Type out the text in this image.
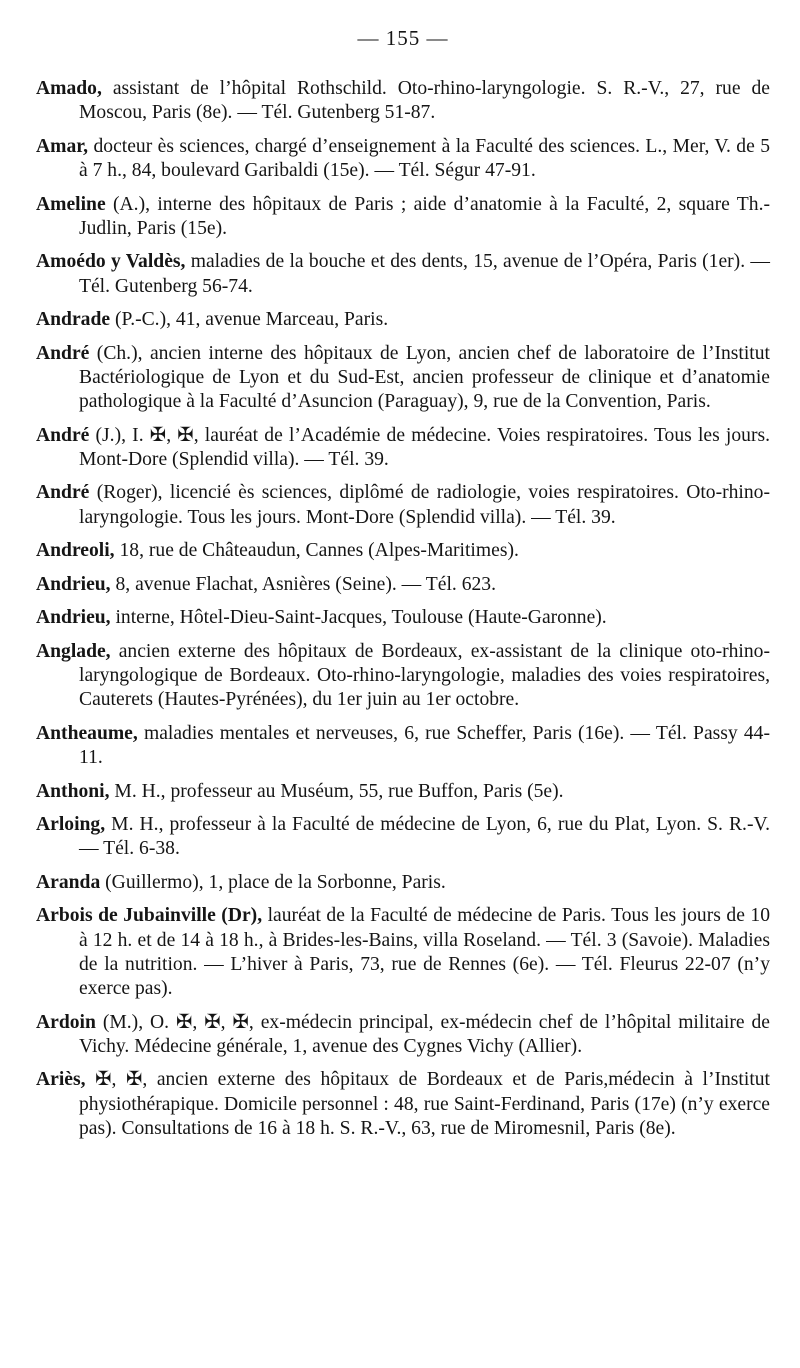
— 155 —

Amado, assistant de l’hôpital Rothschild. Oto-rhino-laryngologie. S. R.-V., 27, rue de Moscou, Paris (8e). — Tél. Gutenberg 51-87.

Amar, docteur ès sciences, chargé d’enseignement à la Faculté des sciences. L., Mer, V. de 5 à 7 h., 84, boulevard Garibaldi (15e). — Tél. Ségur 47-91.

Ameline (A.), interne des hôpitaux de Paris ; aide d’anatomie à la Faculté, 2, square Th.-Judlin, Paris (15e).

Amoédo y Valdès, maladies de la bouche et des dents, 15, avenue de l’Opéra, Paris (1er). — Tél. Gutenberg 56-74.

Andrade (P.-C.), 41, avenue Marceau, Paris.

André (Ch.), ancien interne des hôpitaux de Lyon, ancien chef de laboratoire de l’Institut Bactériologique de Lyon et du Sud-Est, ancien professeur de clinique et d’anatomie pathologique à la Faculté d’Asuncion (Paraguay), 9, rue de la Convention, Paris.

André (J.), I. ✠, ✠, lauréat de l’Académie de médecine. Voies respiratoires. Tous les jours. Mont-Dore (Splendid villa). — Tél. 39.

André (Roger), licencié ès sciences, diplômé de radiologie, voies respiratoires. Oto-rhino-laryngologie. Tous les jours. Mont-Dore (Splendid villa). — Tél. 39.

Andreoli, 18, rue de Châteaudun, Cannes (Alpes-Maritimes).

Andrieu, 8, avenue Flachat, Asnières (Seine). — Tél. 623.

Andrieu, interne, Hôtel-Dieu-Saint-Jacques, Toulouse (Haute-Garonne).

Anglade, ancien externe des hôpitaux de Bordeaux, ex-assistant de la clinique oto-rhino-laryngologique de Bordeaux. Oto-rhino-laryngologie, maladies des voies respiratoires, Cauterets (Hautes-Pyrénées), du 1er juin au 1er octobre.

Antheaume, maladies mentales et nerveuses, 6, rue Scheffer, Paris (16e). — Tél. Passy 44-11.

Anthoni, M. H., professeur au Muséum, 55, rue Buffon, Paris (5e).

Arloing, M. H., professeur à la Faculté de médecine de Lyon, 6, rue du Plat, Lyon. S. R.-V. — Tél. 6-38.

Aranda (Guillermo), 1, place de la Sorbonne, Paris.

Arbois de Jubainville (Dr), lauréat de la Faculté de médecine de Paris. Tous les jours de 10 à 12 h. et de 14 à 18 h., à Brides-les-Bains, villa Roseland. — Tél. 3 (Savoie). Maladies de la nutrition. — L’hiver à Paris, 73, rue de Rennes (6e). — Tél. Fleurus 22-07 (n’y exerce pas).

Ardoin (M.), O. ✠, ✠, ✠, ex-médecin principal, ex-médecin chef de l’hôpital militaire de Vichy. Médecine générale, 1, avenue des Cygnes Vichy (Allier).

Ariès, ✠, ✠, ancien externe des hôpitaux de Bordeaux et de Paris,médecin à l’Institut physiothérapique. Domicile personnel : 48, rue Saint-Ferdinand, Paris (17e) (n’y exerce pas). Consultations de 16 à 18 h. S. R.-V., 63, rue de Miromesnil, Paris (8e).
